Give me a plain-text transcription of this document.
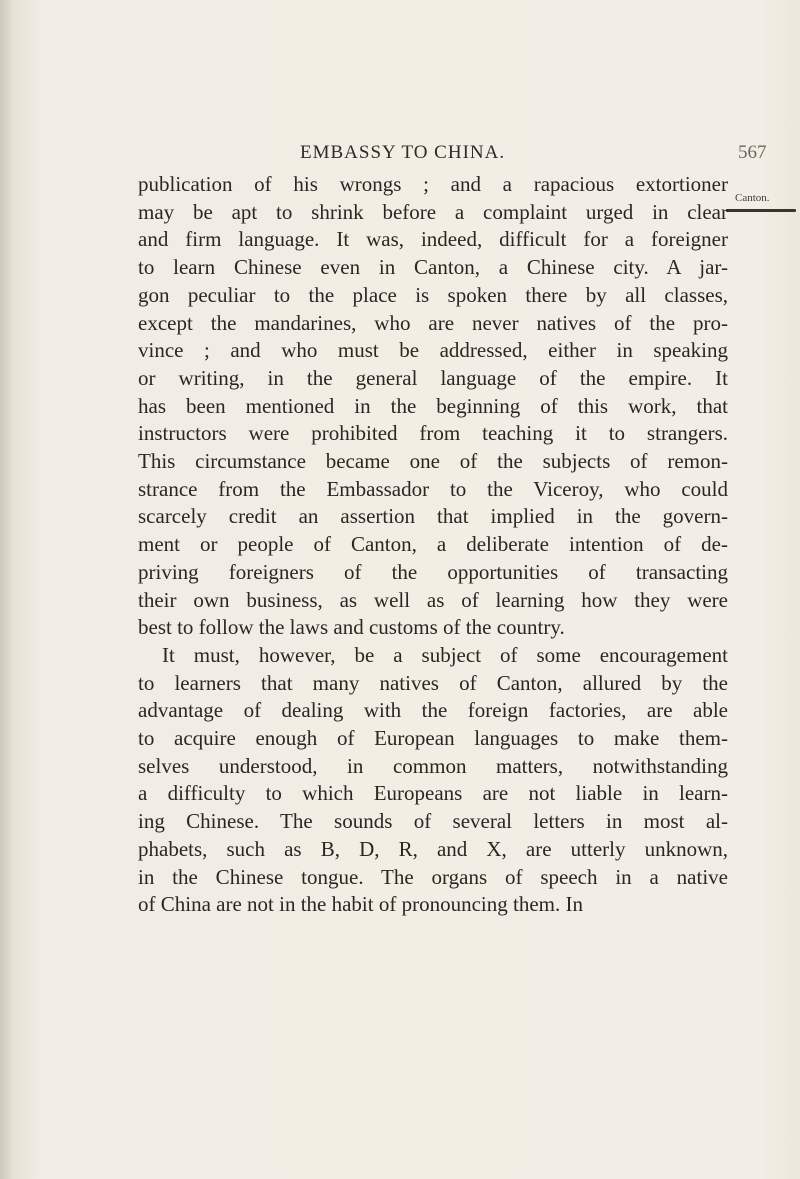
EMBASSY TO CHINA.	567
Canton.
publication of his wrongs ; and a rapacious extortioner
may be apt to shrink before a complaint urged in clear
and firm language. It was, indeed, difficult for a foreigner
to learn Chinese even in Canton, a Chinese city. A jar-
gon peculiar to the place is spoken there by all classes,
except the mandarines, who are never natives of the pro-
vince ; and who must be addressed, either in speaking
or writing, in the general language of the empire. It
has been mentioned in the beginning of this work, that
instructors were prohibited from teaching it to strangers.
This circumstance became one of the subjects of remon-
strance from the Embassador to the Viceroy, who could
scarcely credit an assertion that implied in the govern-
ment or people of Canton, a deliberate intention of de-
priving foreigners of the opportunities of transacting
their own business, as well as of learning how they were
best to follow the laws and customs of the country.
It must, however, be a subject of some encouragement
to learners that many natives of Canton, allured by the
advantage of dealing with the foreign factories, are able
to acquire enough of European languages to make them-
selves understood, in common matters, notwithstanding
a difficulty to which Europeans are not liable in learn-
ing Chinese. The sounds of several letters in most al-
phabets, such as B, D, R, and X, are utterly unknown,
in the Chinese tongue. The organs of speech in a native
of China are not in the habit of pronouncing them. In
